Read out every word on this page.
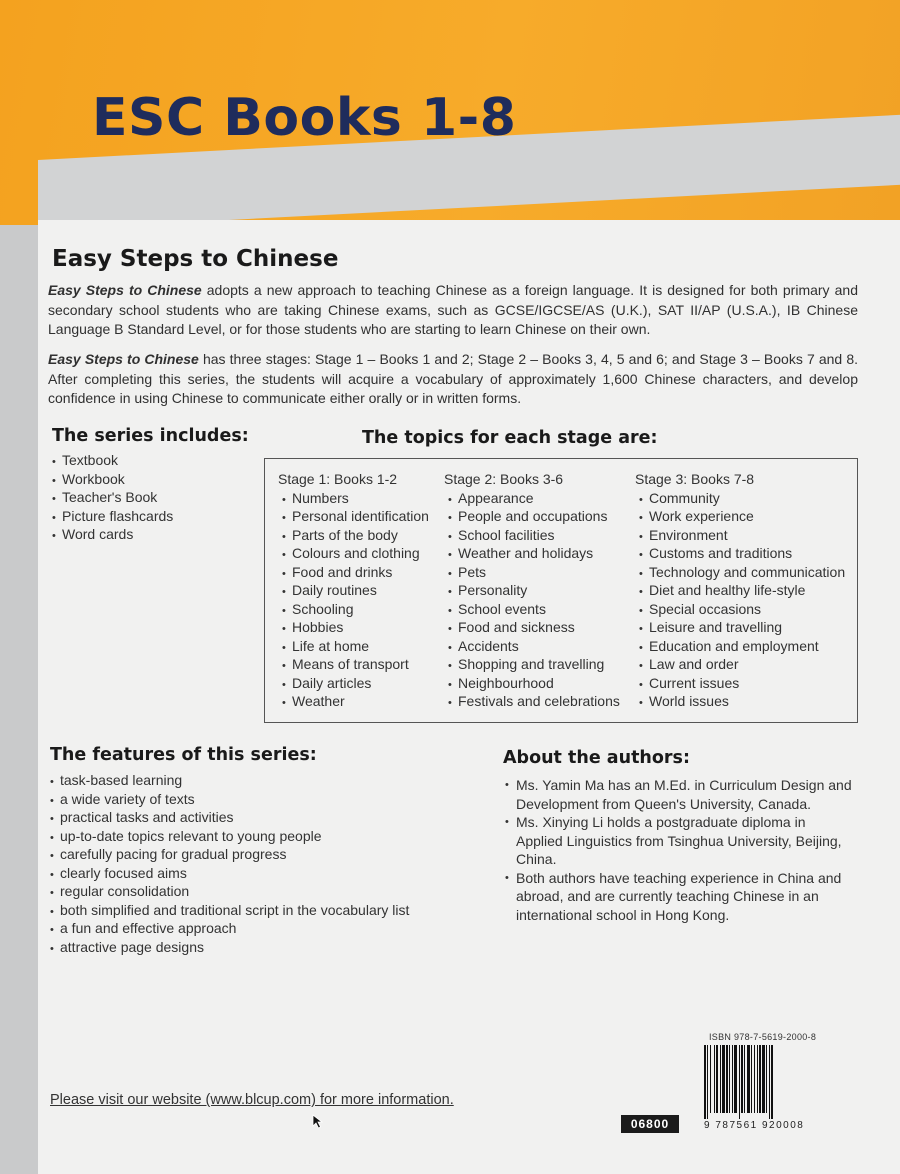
ESC Books 1-8
Easy Steps to Chinese

Easy Steps to Chinese adopts a new approach to teaching Chinese as a foreign language. It is designed for both primary and secondary school students who are taking Chinese exams, such as GCSE/IGCSE/AS (U.K.), SAT II/AP (U.S.A.), IB Chinese Language B Standard Level, or for those students who are starting to learn Chinese on their own.

Easy Steps to Chinese has three stages: Stage 1 – Books 1 and 2; Stage 2 – Books 3, 4, 5 and 6; and Stage 3 – Books 7 and 8. After completing this series, the students will acquire a vocabulary of approximately 1,600 Chinese characters, and develop confidence in using Chinese to communicate either orally or in written forms.

The series includes:
• Textbook
• Workbook
• Teacher's Book
• Picture flashcards
• Word cards
The topics for each stage are:
Stage 1: Books 1-2
• Numbers
• Personal identification
• Parts of the body
• Colours and clothing
• Food and drinks
• Daily routines
• Schooling
• Hobbies
• Life at home
• Means of transport
• Daily articles
• Weather
Stage 2: Books 3-6
• Appearance
• People and occupations
• School facilities
• Weather and holidays
• Pets
• Personality
• School events
• Food and sickness
• Accidents
• Shopping and travelling
• Neighbourhood
• Festivals and celebrations
Stage 3: Books 7-8
• Community
• Work experience
• Environment
• Customs and traditions
• Technology and communication
• Diet and healthy life-style
• Special occasions
• Leisure and travelling
• Education and employment
• Law and order
• Current issues
• World issues
The features of this series:
• task-based learning
• a wide variety of texts
• practical tasks and activities
• up-to-date topics relevant to young people
• carefully pacing for gradual progress
• clearly focused aims
• regular consolidation
• both simplified and traditional script in the vocabulary list
• a fun and effective approach
• attractive page designs
About the authors:
• Ms. Yamin Ma has an M.Ed. in Curriculum Design and Development from Queen's University, Canada.
• Ms. Xinying Li holds a postgraduate diploma in Applied Linguistics from Tsinghua University, Beijing, China.
• Both authors have teaching experience in China and abroad, and are currently teaching Chinese in an international school in Hong Kong.
ISBN 978-7-5619-2000-8
9 787561 920008
06800
Please visit our website (www.blcup.com) for more information.
